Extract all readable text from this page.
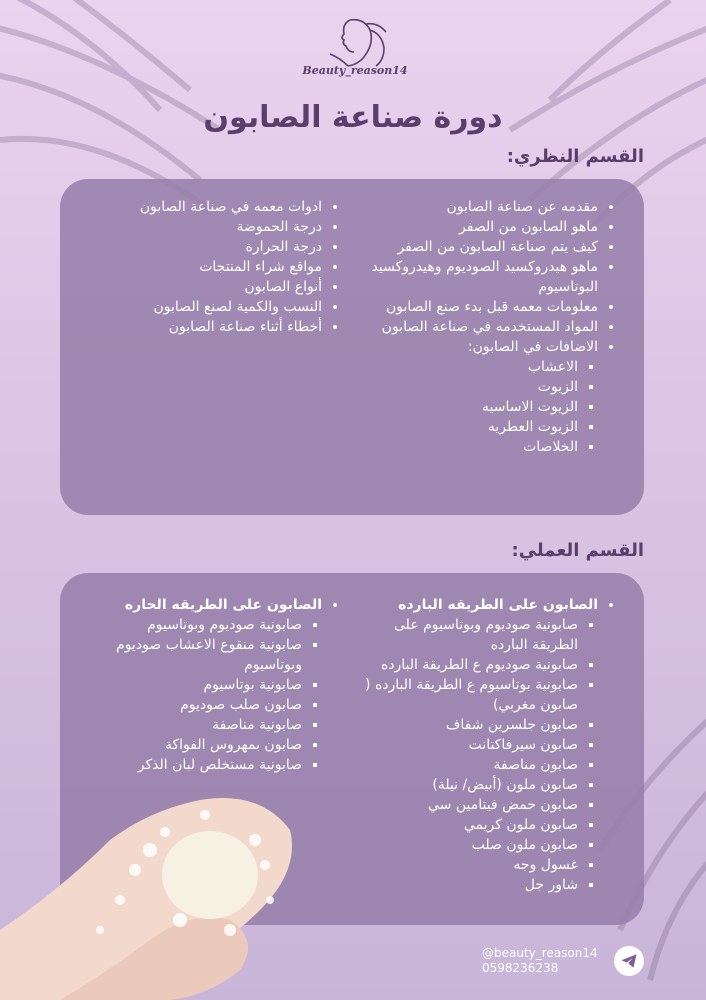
Beauty_reason14
دورة صناعة الصابون
القسم النظري:
• مقدمه عن صناعة الصابون
• ماهو الصابون من الصفر
• كيف يتم صناعة الصابون من الصفر
• ماهو هيدروكسيد الصوديوم وهيدروكسيد البوتاسيوم
• معلومات معمه قبل بدء صنع الصابون
• المواد المستخدمه في صناعة الصابون
• الاضافات في الصابون:
▪ الاعشاب
▪ الزيوت
▪ الزيوت الاساسيه
▪ الزيوت العطريه
▪ الخلاصات
• ادوات معمه في صناعة الصابون
• درجة الحموضة
• درجة الحرارة
• مواقع شراء المنتجات
• أنواع الصابون
• النسب والكمية لصنع الصابون
• أخطاء أثناء صناعة الصابون
القسم العملي:
• الصابون على الطريقه البارده
▪ صابونية صوديوم وبوتاسيوم على الطريقة البارده
▪ صابونية صوديوم ع الطريقة البارده
▪ صابونية بوتاسيوم ع الطريقة البارده ( صابون مغربي)
▪ صابون جلسرين شفاف
▪ صابون سيرفاكتانت
▪ صابون مناصفة
▪ صابون ملون (أبيض/ نيلة)
▪ صابون حمض فيتامين سي
▪ صابون ملون كريمي
▪ صابون ملون صلب
▪ غسول وجه
▪ شاور جل
• الصابون على الطريقه الحاره
▪ صابونية صوديوم وبوتاسيوم
▪ صابونية منقوع الاعشاب صوديوم وبوتاسيوم
▪ صابونية بوتاسيوم
▪ صابون صلب صوديوم
▪ صابونية مناصفة
▪ صابون بمهروس الفواكة
▪ صابونية مستخلص لبان الذكر
@beauty_reason14
0598236238
